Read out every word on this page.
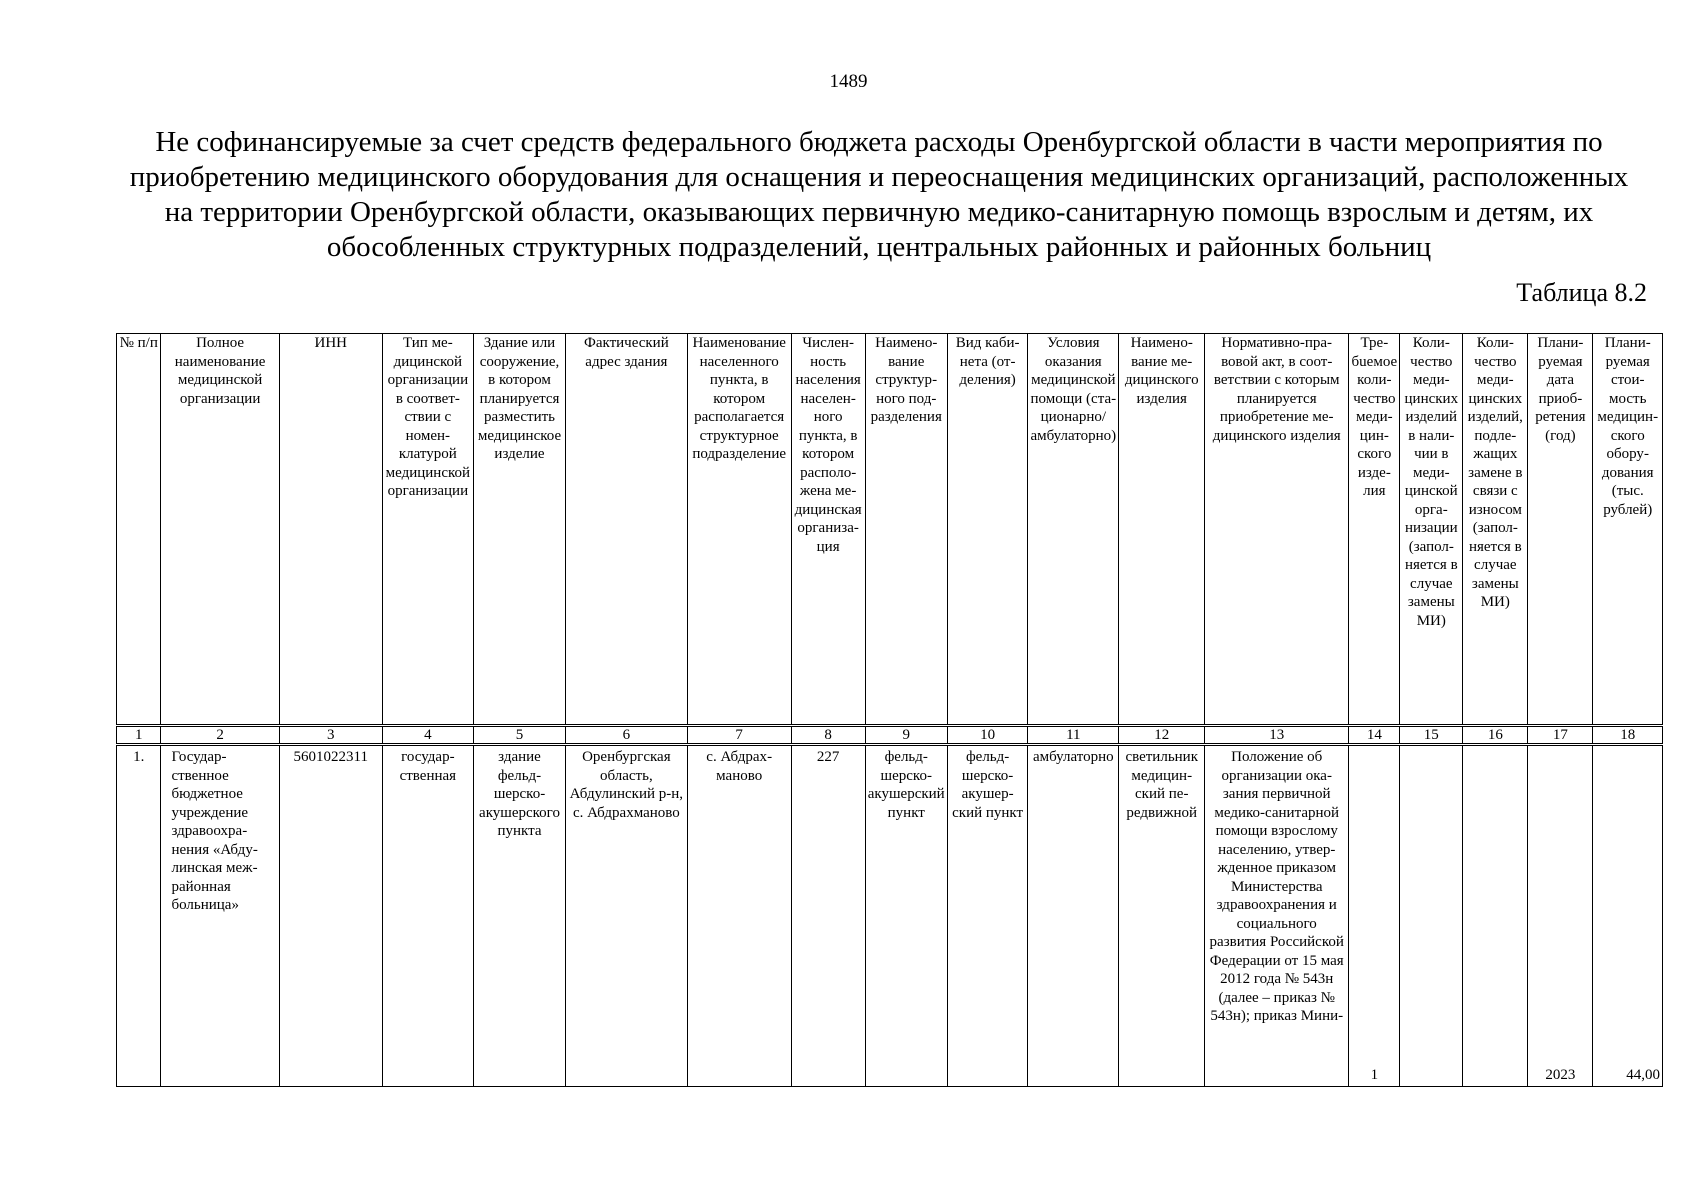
1489
Не софинансируемые за счет средств федерального бюджета расходы Оренбургской области в части мероприятия по приобретению медицинского оборудования для оснащения и переоснащения медицинских организаций, расположенных на территории Оренбургской области, оказывающих первичную медико-санитарную помощь взрослым и детям, их обособленных структурных подразделений, центральных районных и районных больниц
Таблица 8.2
№ п/п	Полное наименование медицинской организации	ИНН	Тип медицинской организации в соответствии с номенклатурой медицинской организации	Здание или сооружение, в котором планируется разместить медицинское изделие	Фактический адрес здания	Наименование населенного пункта, в котором располагается структурное подразделение	Численность населения населенного пункта, в котором расположена медицинская организация	Наименование структурного подразделения	Вид кабинета (отделения)	Условия оказания медицинской помощи (стационарно/амбулаторно)	Наименование медицинского изделия	Нормативно-правовой акт, в соответствии с которым планируется приобретение медицинского изделия	Требueмое количество медицинского изделия	Количество медицинских изделий в наличии в медицинской организации (заполняется в случае замены МИ)	Количество медицинских изделий, подлежащих замене в связи с износом (заполняется в случае замены МИ)	Планируемая дата приобретения (год)	Планируемая стоимость медицинского оборудования (тыс. рублей)
1	2	3	4	5	6	7	8	9	10	11	12	13	14	15	16	17	18
1.	Государственное бюджетное учреждение здравоохранения «Абдулинская межрайонная больница»	5601022311	государственная	здание фельдшерско-акушерского пункта	Оренбургская область, Абдулинский р-н, с. Абдрахманово	с. Абдрахманово	227	фельдшерско-акушерский пункт	фельдшерско-акушерский пункт	амбулаторно	светильник медицинский передвижной	Положение об организации оказания первичной медико-санитарной помощи взрослому населению, утвержденное приказом Министерства здравоохранения и социального развития Российской Федерации от 15 мая 2012 года № 543н (далее – приказ № 543н); приказ Мини-	1			2023	44,00
